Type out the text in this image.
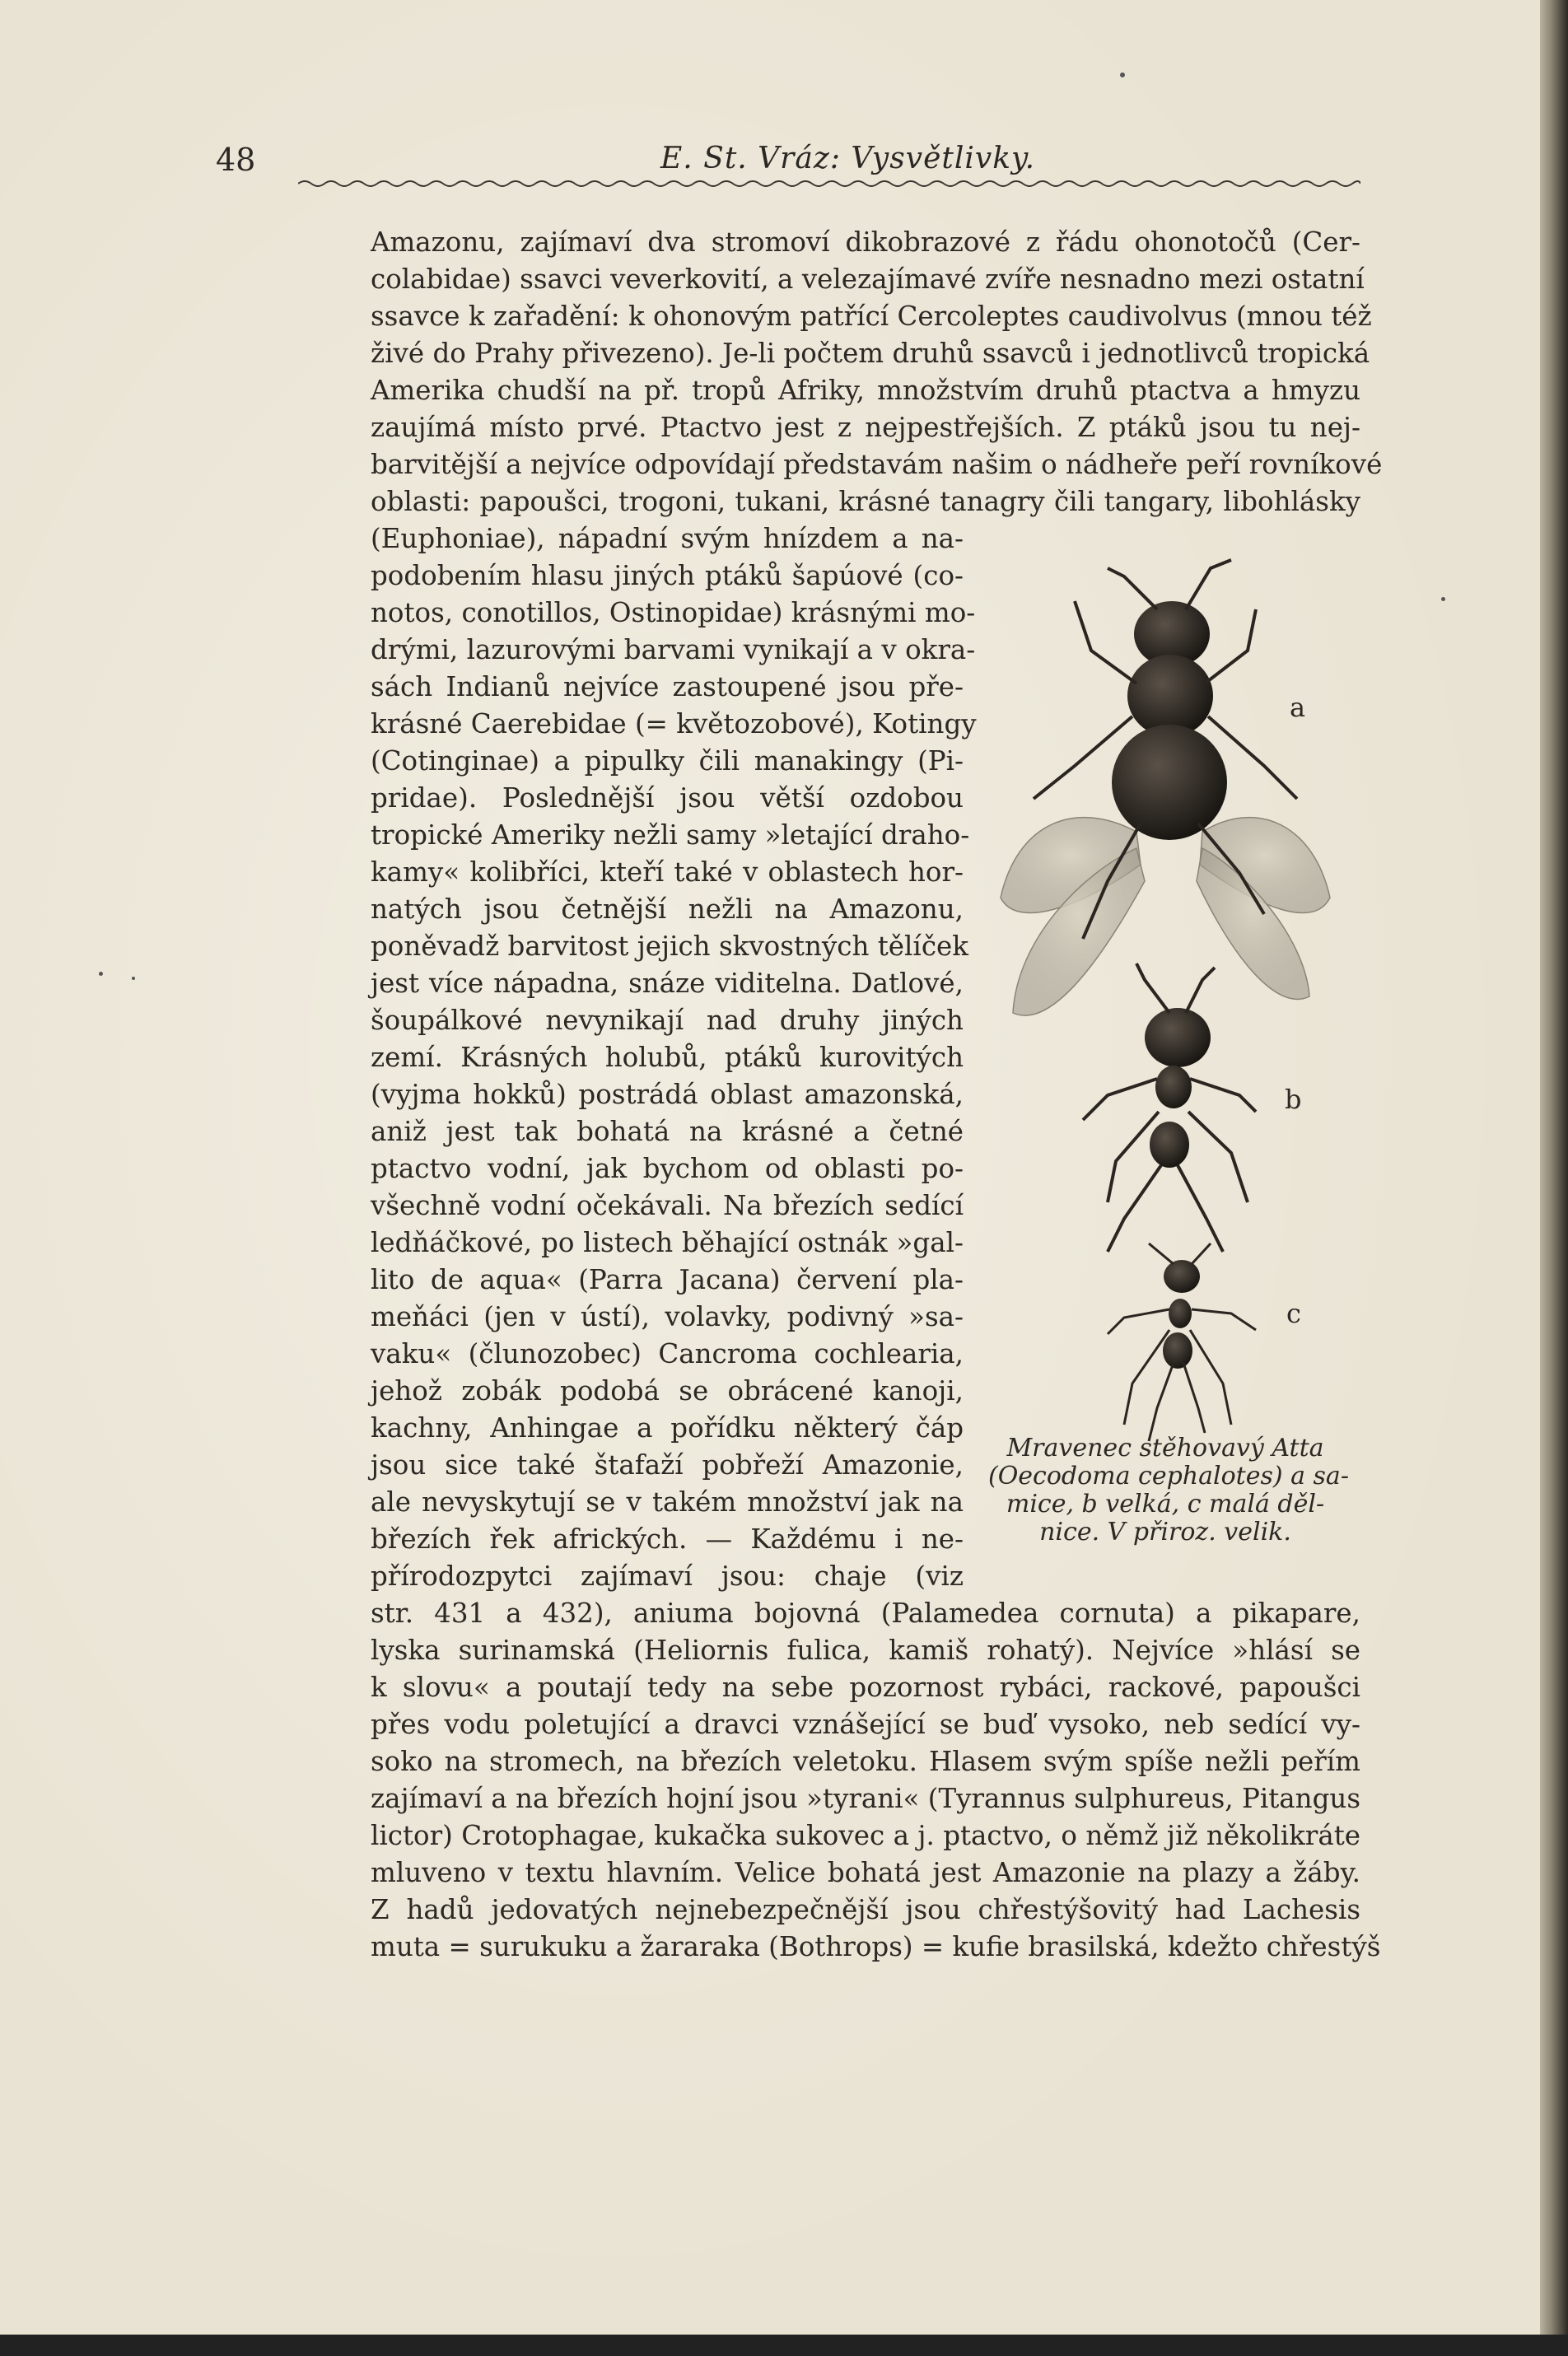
48	E. St. Vráz: Vysvětlivky.
Amazonu, zajímaví dva stromoví dikobrazové z řádu ohonotočů (Cer-
colabidae) ssavci veverkovití, a velezajímavé zvíře nesnadno mezi ostatní
ssavce k zařadění: k ohonovým patřící Cercoleptes caudivolvus (mnou též
živé do Prahy přivezeno). Je-li počtem druhů ssavců i jednotlivců tropická
Amerika chudší na př. tropů Afriky, množstvím druhů ptactva a hmyzu
zaujímá místo prvé. Ptactvo jest z nejpestřejších. Z ptáků jsou tu nej-
barvitější a nejvíce odpovídají představám našim o nádheře peří rovníkové
oblasti: papoušci, trogoni, tukani, krásné tanagry čili tangary, libohlásky
(Euphoniae), nápadní svým hnízdem a na-
podobením hlasu jiných ptáků šapúové (co-
notos, conotillos, Ostinopidae) krásnými mo-
drými, lazurovými barvami vynikají a v okra-
sách Indianů nejvíce zastoupené jsou pře-
krásné Caerebidae (= květozobové), Kotingy
(Cotinginae) a pipulky čili manakingy (Pi-
pridae). Poslednější jsou větší ozdobou
tropické Ameriky nežli samy »letající draho-
kamy« kolibříci, kteří také v oblastech hor-
natých jsou četnější nežli na Amazonu,
poněvadž barvitost jejich skvostných tělíček
jest více nápadna, snáze viditelna. Datlové,
šoupálkové nevynikají nad druhy jiných
zemí. Krásných holubů, ptáků kurovitých
(vyjma hokků) postrádá oblast amazonská,
aniž jest tak bohatá na krásné a četné
ptactvo vodní, jak bychom od oblasti po-
všechně vodní očekávali. Na březích sedící
ledňáčkové, po listech běhající ostnák »gal-
lito de aqua« (Parra Jacana) červení pla-
meňáci (jen v ústí), volavky, podivný »sa-
vaku« (člunozobec) Cancroma cochlearia,
jehož zobák podobá se obrácené kanoji,
kachny, Anhingae a pořídku některý čáp
jsou sice také štafaží pobřeží Amazonie,
ale nevyskytují se v takém množství jak na
březích řek afrických. — Každému i ne-
přírodozpytci zajímaví jsou: chaje (viz
str. 431 a 432), aniuma bojovná (Palamedea cornuta) a pikapare,
lyska surinamská (Heliornis fulica, kamiš rohatý). Nejvíce »hlásí se
k slovu« a poutají tedy na sebe pozornost rybáci, rackové, papoušci
přes vodu poletující a dravci vznášející se buď vysoko, neb sedící vy-
soko na stromech, na březích veletoku. Hlasem svým spíše nežli peřím
zajímaví a na březích hojní jsou »tyrani« (Tyrannus sulphureus, Pitangus
lictor) Crotophagae, kukačka sukovec a j. ptactvo, o němž již několikráte
mluveno v textu hlavním. Velice bohatá jest Amazonie na plazy a žáby.
Z hadů jedovatých nejnebezpečnější jsou chřestýšovitý had Lachesis
muta = surukuku a žararaka (Bothrops) = kufie brasilská, kdežto chřestýš
a
b
c
Mravenec stěhovavý Atta
(Oecodoma cephalotes) a sa-
mice, b velká, c malá děl-
nice. V přiroz. velik.
